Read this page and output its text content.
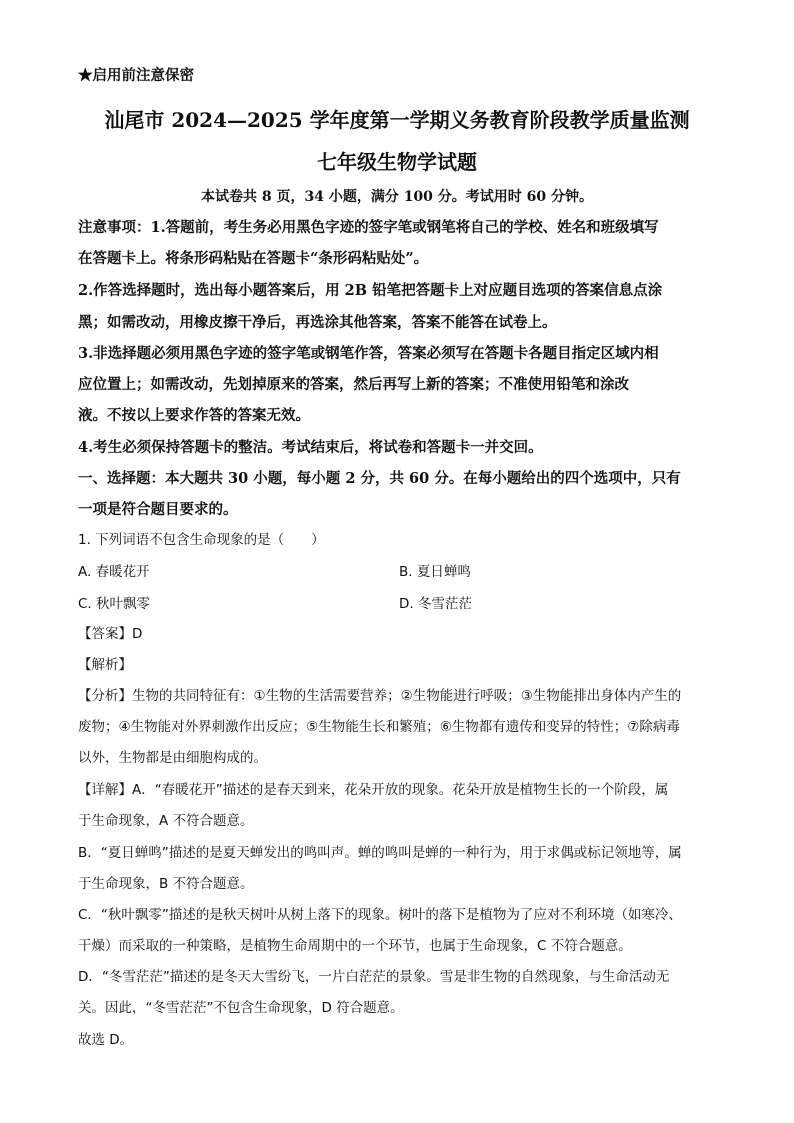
★启用前注意保密
汕尾市 2024—2025 学年度第一学期义务教育阶段教学质量监测
七年级生物学试题
本试卷共 8 页，34 小题，满分 100 分。考试用时 60 分钟。
注意事项：1.答题前，考生务必用黑色字迹的签字笔或钢笔将自己的学校、姓名和班级填写
在答题卡上。将条形码粘贴在答题卡“条形码粘贴处”。
2.作答选择题时，选出每小题答案后，用 2B 铅笔把答题卡上对应题目选项的答案信息点涂
黑；如需改动，用橡皮擦干净后，再选涂其他答案，答案不能答在试卷上。
3.非选择题必须用黑色字迹的签字笔或钢笔作答，答案必须写在答题卡各题目指定区域内相
应位置上；如需改动，先划掉原来的答案，然后再写上新的答案；不准使用铅笔和涂改
液。不按以上要求作答的答案无效。
4.考生必须保持答题卡的整洁。考试结束后，将试卷和答题卡一并交回。
一、选择题：本大题共 30 小题，每小题 2 分，共 60 分。在每小题给出的四个选项中，只有
一项是符合题目要求的。
1. 下列词语不包含生命现象的是（　　）
A. 春暖花开	B. 夏日蝉鸣
C. 秋叶飘零	D. 冬雪茫茫
【答案】D
【解析】
【分析】生物的共同特征有：①生物的生活需要营养；②生物能进行呼吸；③生物能排出身体内产生的
废物；④生物能对外界刺激作出反应；⑤生物能生长和繁殖；⑥生物都有遗传和变异的特性；⑦除病毒
以外，生物都是由细胞构成的。
【详解】A．“春暖花开”描述的是春天到来，花朵开放的现象。花朵开放是植物生长的一个阶段，属
于生命现象，A 不符合题意。
B．“夏日蝉鸣”描述的是夏天蝉发出的鸣叫声。蝉的鸣叫是蝉的一种行为，用于求偶或标记领地等，属
于生命现象，B 不符合题意。
C．“秋叶飘零”描述的是秋天树叶从树上落下的现象。树叶的落下是植物为了应对不利环境（如寒冷、
干燥）而采取的一种策略，是植物生命周期中的一个环节，也属于生命现象，C 不符合题意。
D．“冬雪茫茫”描述的是冬天大雪纷飞，一片白茫茫的景象。雪是非生物的自然现象，与生命活动无
关。因此，“冬雪茫茫”不包含生命现象，D 符合题意。
故选 D。
